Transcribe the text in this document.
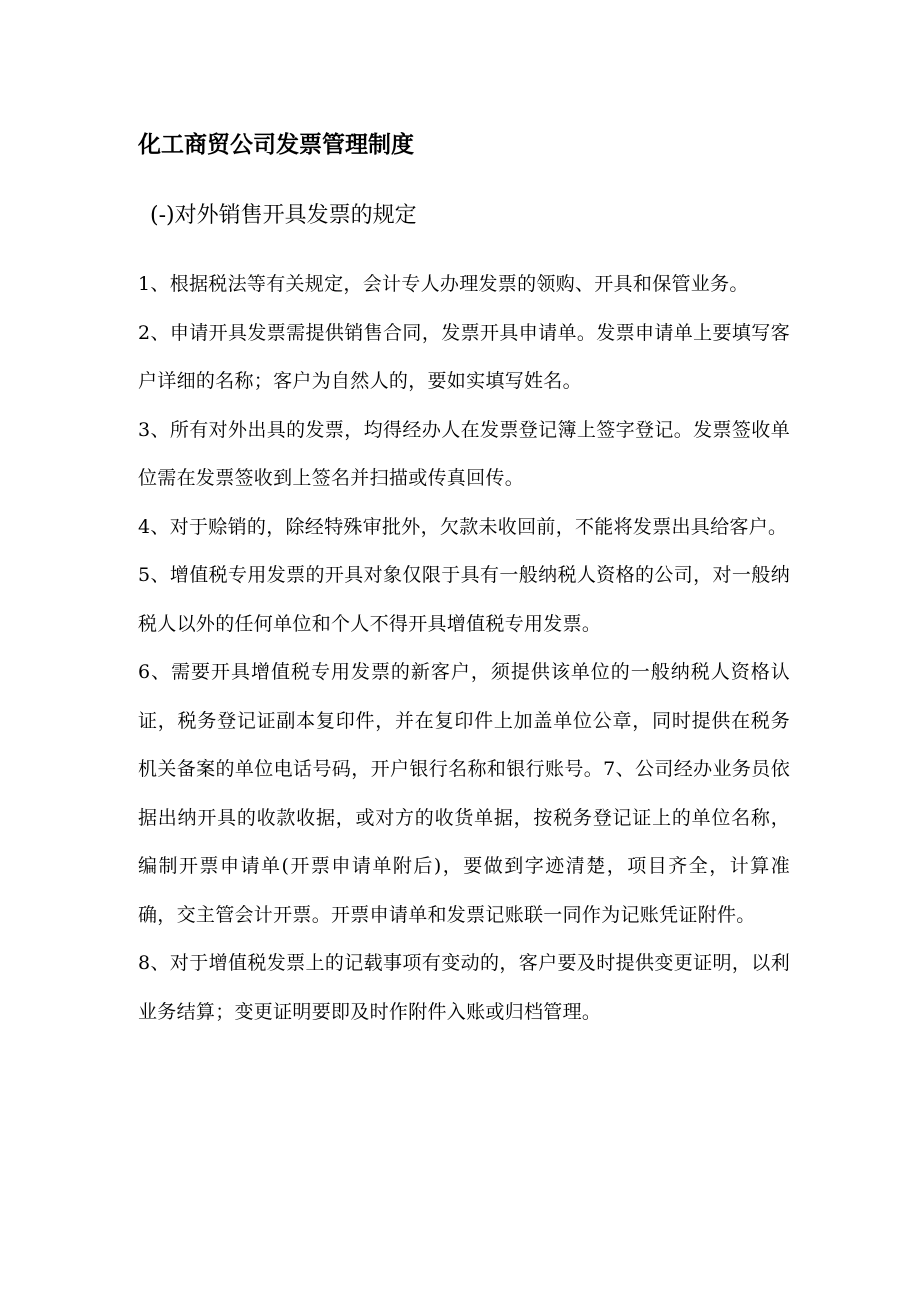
化工商贸公司发票管理制度
(-)对外销售开具发票的规定

1、根据税法等有关规定，会计专人办理发票的领购、开具和保管业务。

2、申请开具发票需提供销售合同，发票开具申请单。发票申请单上要填写客户详细的名称；客户为自然人的，要如实填写姓名。

3、所有对外出具的发票，均得经办人在发票登记簿上签字登记。发票签收单位需在发票签收到上签名并扫描或传真回传。

4、对于赊销的，除经特殊审批外，欠款未收回前，不能将发票出具给客户。

5、增值税专用发票的开具对象仅限于具有一般纳税人资格的公司，对一般纳税人以外的任何单位和个人不得开具增值税专用发票。

6、需要开具增值税专用发票的新客户，须提供该单位的一般纳税人资格认证，税务登记证副本复印件，并在复印件上加盖单位公章，同时提供在税务机关备案的单位电话号码，开户银行名称和银行账号。7、公司经办业务员依据出纳开具的收款收据，或对方的收货单据，按税务登记证上的单位名称，编制开票申请单(开票申请单附后)，要做到字迹清楚，项目齐全，计算准确，交主管会计开票。开票申请单和发票记账联一同作为记账凭证附件。

8、对于增值税发票上的记载事项有变动的，客户要及时提供变更证明，以利业务结算；变更证明要即及时作附件入账或归档管理。
